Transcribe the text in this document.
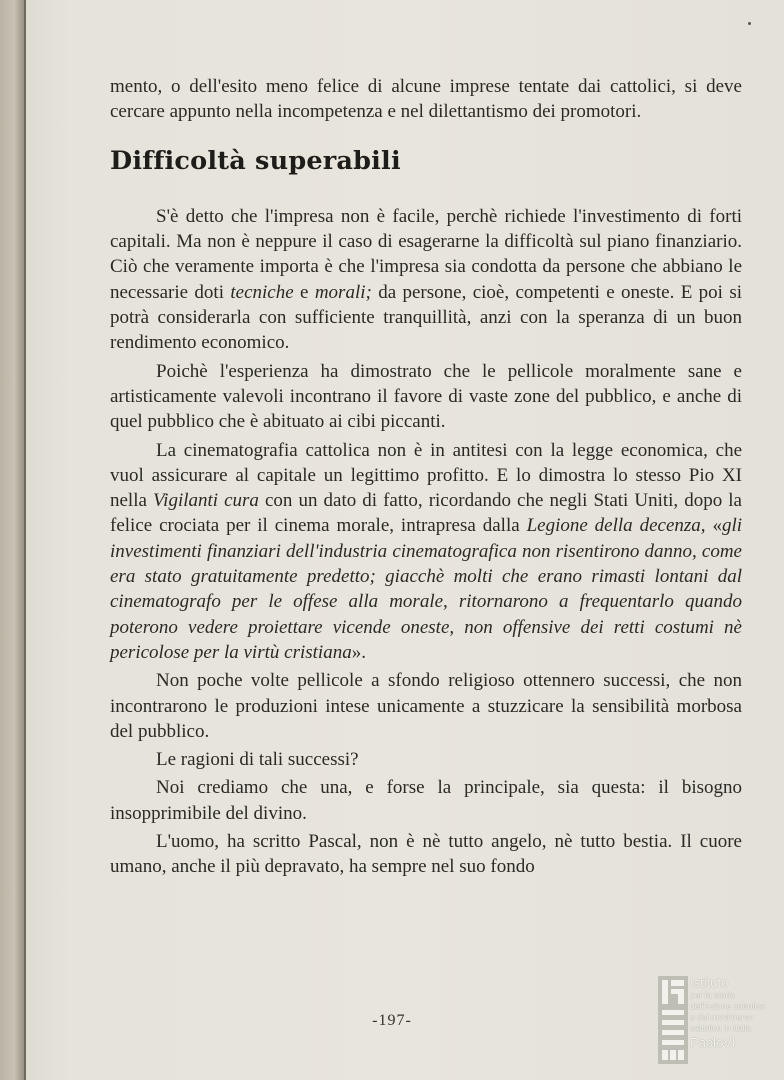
mento, o dell'esito meno felice di alcune imprese tentate dai cattolici, si deve cercare appunto nella incompetenza e nel dilettantismo dei promotori.

Difficoltà superabili

S'è detto che l'impresa non è facile, perchè richiede l'investimento di forti capitali. Ma non è neppure il caso di esagerarne la difficoltà sul piano finanziario. Ciò che veramente importa è che l'impresa sia condotta da persone che abbiano le necessarie doti tecniche e morali; da persone, cioè, competenti e oneste. E poi si potrà considerarla con sufficiente tranquillità, anzi con la speranza di un buon rendimento economico.

Poichè l'esperienza ha dimostrato che le pellicole moralmente sane e artisticamente valevoli incontrano il favore di vaste zone del pubblico, e anche di quel pubblico che è abituato ai cibi piccanti.

La cinematografia cattolica non è in antitesi con la legge economica, che vuol assicurare al capitale un legittimo profitto. E lo dimostra lo stesso Pio XI nella Vigilanti cura con un dato di fatto, ricordando che negli Stati Uniti, dopo la felice crociata per il cinema morale, intrapresa dalla Legione della decenza, «gli investimenti finanziari dell'industria cinematografica non risentirono danno, come era stato gratuitamente predetto; giacchè molti che erano rimasti lontani dal cinematografo per le offese alla morale, ritornarono a frequentarlo quando poterono vedere proiettare vicende oneste, non offensive dei retti costumi nè pericolose per la virtù cristiana».

Non poche volte pellicole a sfondo religioso ottennero successi, che non incontrarono le produzioni intese unicamente a stuzzicare la sensibilità morbosa del pubblico.

Le ragioni di tali successi?

Noi crediamo che una, e forse la principale, sia questa: il bisogno insopprimibile del divino.

L'uomo, ha scritto Pascal, non è nè tutto angelo, nè tutto bestia. Il cuore umano, anche il più depravato, ha sempre nel suo fondo

-197-
Istituto
per la storia
dell'Azione cattolica
e del movimento
cattolico in Italia
PaoloVI
